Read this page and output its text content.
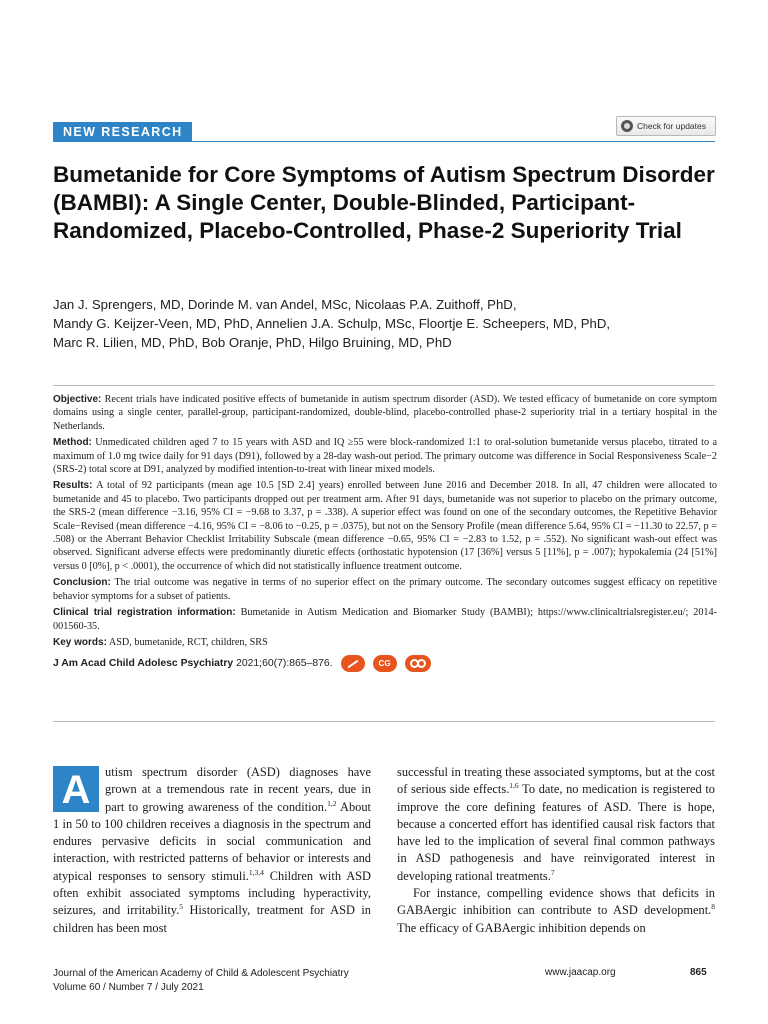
NEW RESEARCH	Check for updates
Bumetanide for Core Symptoms of Autism Spectrum Disorder (BAMBI): A Single Center, Double-Blinded, Participant-Randomized, Placebo-Controlled, Phase-2 Superiority Trial
Jan J. Sprengers, MD, Dorinde M. van Andel, MSc, Nicolaas P.A. Zuithoff, PhD,
Mandy G. Keijzer-Veen, MD, PhD, Annelien J.A. Schulp, MSc, Floortje E. Scheepers, MD, PhD,
Marc R. Lilien, MD, PhD, Bob Oranje, PhD, Hilgo Bruining, MD, PhD

Objective: Recent trials have indicated positive effects of bumetanide in autism spectrum disorder (ASD). We tested efficacy of bumetanide on core symptom domains using a single center, parallel-group, participant-randomized, double-blind, placebo-controlled phase-2 superiority trial in a tertiary hospital in the Netherlands.

Method: Unmedicated children aged 7 to 15 years with ASD and IQ ≥55 were block-randomized 1:1 to oral-solution bumetanide versus placebo, titrated to a maximum of 1.0 mg twice daily for 91 days (D91), followed by a 28-day wash-out period. The primary outcome was difference in Social Responsiveness Scale−2 (SRS-2) total score at D91, analyzed by modified intention-to-treat with linear mixed models.

Results: A total of 92 participants (mean age 10.5 [SD 2.4] years) enrolled between June 2016 and December 2018. In all, 47 children were allocated to bumetanide and 45 to placebo. Two participants dropped out per treatment arm. After 91 days, bumetanide was not superior to placebo on the primary outcome, the SRS-2 (mean difference −3.16, 95% CI = −9.68 to 3.37, p = .338). A superior effect was found on one of the secondary outcomes, the Repetitive Behavior Scale−Revised (mean difference −4.16, 95% CI = −8.06 to −0.25, p = .0375), but not on the Sensory Profile (mean difference 5.64, 95% CI = −11.30 to 22.57, p = .508) or the Aberrant Behavior Checklist Irritability Subscale (mean difference −0.65, 95% CI = −2.83 to 1.52, p = .552). No significant wash-out effect was observed. Significant adverse effects were predominantly diuretic effects (orthostatic hypotension (17 [36%] versus 5 [11%], p = .007); hypokalemia (24 [51%] versus 0 [0%], p < .0001), the occurrence of which did not statistically influence treatment outcome.

Conclusion: The trial outcome was negative in terms of no superior effect on the primary outcome. The secondary outcomes suggest efficacy on repetitive behavior symptoms for a subset of patients.

Clinical trial registration information: Bumetanide in Autism Medication and Biomarker Study (BAMBI); https://www.clinicaltrialsregister.eu/; 2014-001560-35.

Key words: ASD, bumetanide, RCT, children, SRS

J Am Acad Child Adolesc Psychiatry 2021;60(7):865–876.	CG
A	utism spectrum disorder (ASD) diagnoses have grown at a tremendous rate in recent years, due in part to growing awareness of the condition.$^{1,2}$ About 1 in 50 to 100 children receives a diagnosis in the spectrum and endures pervasive deficits in social communication and interaction, with restricted patterns of behavior or interests and atypical responses to sensory stimuli.$^{1,3,4}$ Children with ASD often exhibit associated symptoms including hyperactivity, seizures, and irritability.$^5$ Historically, treatment for ASD in children has been most

successful in treating these associated symptoms, but at the cost of serious side effects.$^{1,6}$ To date, no medication is registered to improve the core defining features of ASD. There is hope, because a concerted effort has identified causal risk factors that have led to the implication of several final common pathways in ASD pathogenesis and have reinvigorated interest in developing rational treatments.$^7$

For instance, compelling evidence shows that deficits in GABAergic inhibition can contribute to ASD development.$^8$ The efficacy of GABAergic inhibition depends on

Journal of the American Academy of Child & Adolescent Psychiatry
Volume 60 / Number 7 / July 2021
www.jaacap.org	865
